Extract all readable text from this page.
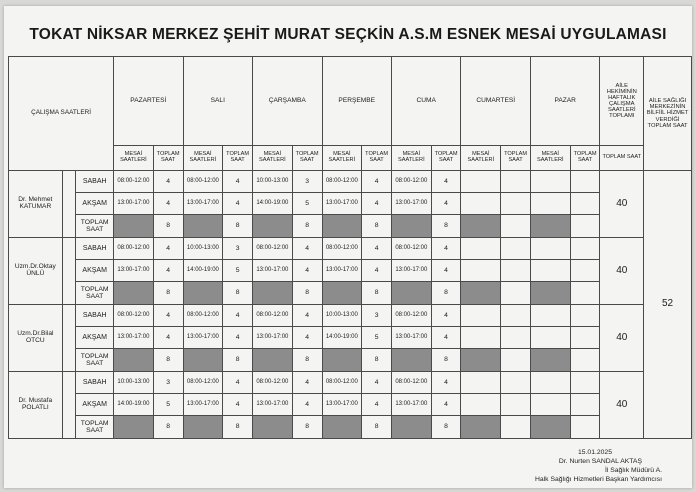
TOKAT NİKSAR MERKEZ ŞEHİT MURAT SEÇKİN A.S.M ESNEK MESAİ UYGULAMASI
ÇALIŞMA SAATLERİ			PAZARTESİ		SALI		ÇARŞAMBA		PERŞEMBE		CUMA		CUMARTESİ		PAZAR		AİLE HEKİMİNİN HAFTALIK ÇALIŞMA SAATLERİ TOPLAMI	AİLE SAĞLIĞI MERKEZİNİN BİLFİİL HİZMET VERDİĞİ TOPLAM SAAT
			MESAİ SAATLERİ	TOPLAM SAAT	MESAİ SAATLERİ	TOPLAM SAAT	MESAİ SAATLERİ	TOPLAM SAAT	MESAİ SAATLERİ	TOPLAM SAAT	MESAİ SAATLERİ	TOPLAM SAAT	MESAİ SAATLERİ	TOPLAM SAAT	MESAİ SAATLERİ	TOPLAM SAAT	TOPLAM SAAT	
Dr. Mehmet KATUMAR		SABAH	08:00-12:00	4	08:00-12:00	4	10:00-13:00	3	08:00-12:00	4	08:00-12:00	4					40	52
		AKŞAM	13:00-17:00	4	13:00-17:00	4	14:00-19:00	5	13:00-17:00	4	13:00-17:00	4						
		TOPLAM SAAT		8		8		8		8		8						
Uzm.Dr.Oktay ÜNLÜ		SABAH	08:00-12:00	4	10:00-13:00	3	08:00-12:00	4	08:00-12:00	4	08:00-12:00	4					40	
		AKŞAM	13:00-17:00	4	14:00-19:00	5	13:00-17:00	4	13:00-17:00	4	13:00-17:00	4						
		TOPLAM SAAT		8		8		8		8		8						
Uzm.Dr.Bilal OTCU		SABAH	08:00-12:00	4	08:00-12:00	4	08:00-12:00	4	10:00-13:00	3	08:00-12:00	4					40	
		AKŞAM	13:00-17:00	4	13:00-17:00	4	13:00-17:00	4	14:00-19:00	5	13:00-17:00	4						
		TOPLAM SAAT		8		8		8		8		8						
Dr. Mustafa POLATLI		SABAH	10:00-13:00	3	08:00-12:00	4	08:00-12:00	4	08:00-12:00	4	08:00-12:00	4					40	
		AKŞAM	14:00-19:00	5	13:00-17:00	4	13:00-17:00	4	13:00-17:00	4	13:00-17:00	4						
		TOPLAM SAAT		8		8		8		8		8						
15.01.2025
Dr. Nurten SANDAL AKTAŞ
İl Sağlık Müdürü A.
Halk Sağlığı Hizmetleri Başkan Yardımcısı
